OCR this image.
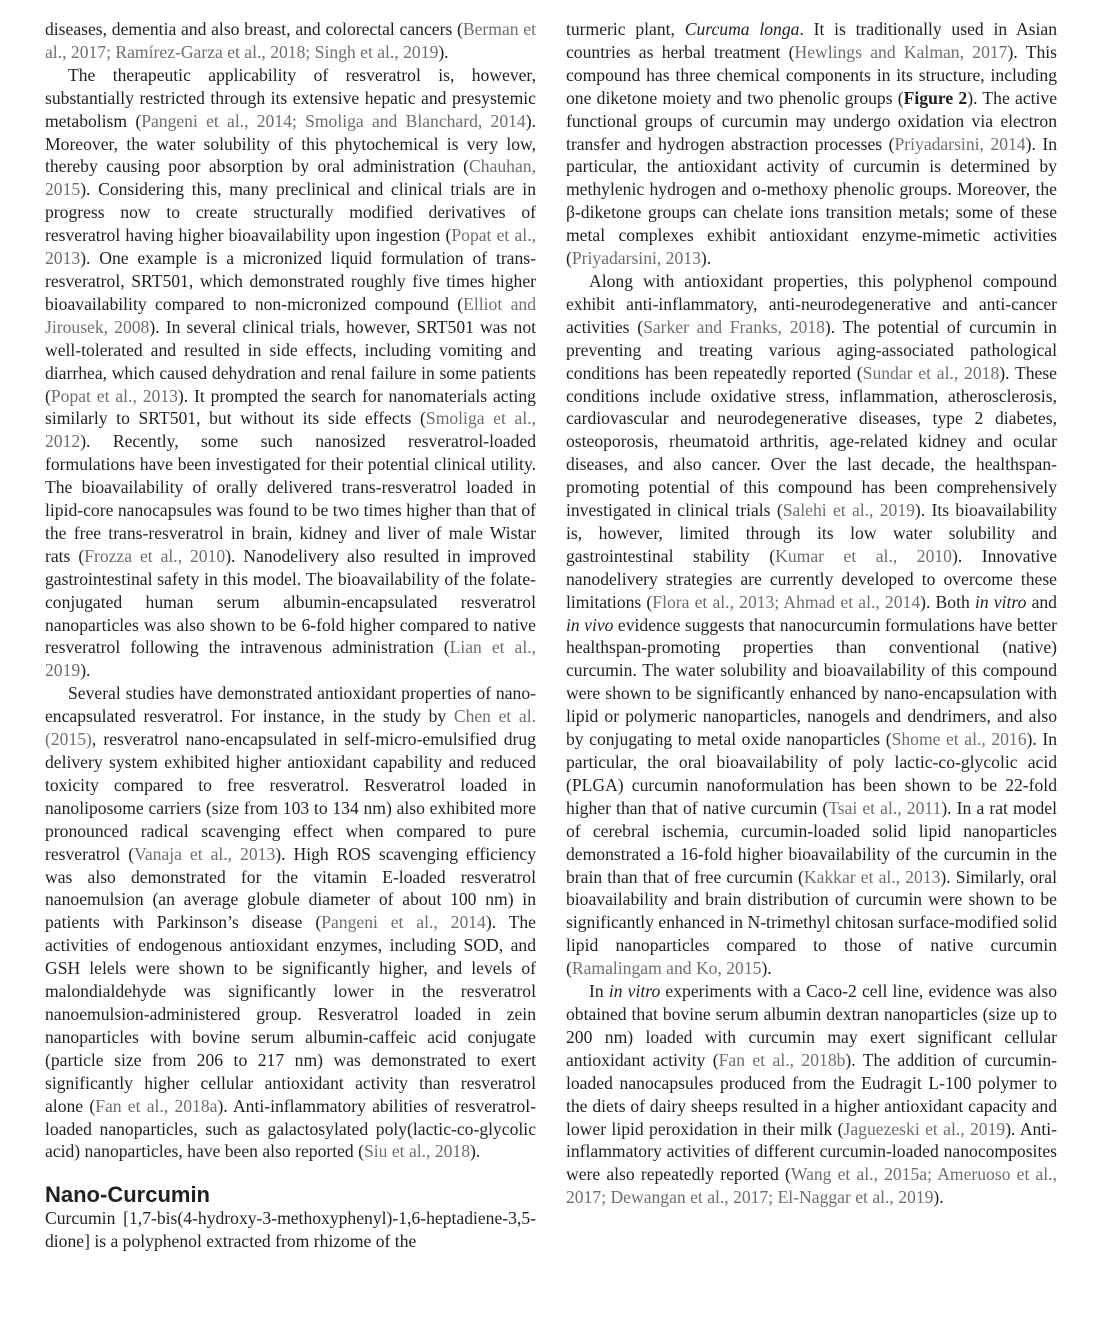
diseases, dementia and also breast, and colorectal cancers (Berman et al., 2017; Ramírez-Garza et al., 2018; Singh et al., 2019).

The therapeutic applicability of resveratrol is, however, substantially restricted through its extensive hepatic and presystemic metabolism (Pangeni et al., 2014; Smoliga and Blanchard, 2014). Moreover, the water solubility of this phytochemical is very low, thereby causing poor absorption by oral administration (Chauhan, 2015). Considering this, many preclinical and clinical trials are in progress now to create structurally modified derivatives of resveratrol having higher bioavailability upon ingestion (Popat et al., 2013). One example is a micronized liquid formulation of trans-resveratrol, SRT501, which demonstrated roughly five times higher bioavailability compared to non-micronized compound (Elliot and Jirousek, 2008). In several clinical trials, however, SRT501 was not well-tolerated and resulted in side effects, including vomiting and diarrhea, which caused dehydration and renal failure in some patients (Popat et al., 2013). It prompted the search for nanomaterials acting similarly to SRT501, but without its side effects (Smoliga et al., 2012). Recently, some such nanosized resveratrol-loaded formulations have been investigated for their potential clinical utility. The bioavailability of orally delivered trans-resveratrol loaded in lipid-core nanocapsules was found to be two times higher than that of the free trans-resveratrol in brain, kidney and liver of male Wistar rats (Frozza et al., 2010). Nanodelivery also resulted in improved gastrointestinal safety in this model. The bioavailability of the folate-conjugated human serum albumin-encapsulated resveratrol nanoparticles was also shown to be 6-fold higher compared to native resveratrol following the intravenous administration (Lian et al., 2019).

Several studies have demonstrated antioxidant properties of nano-encapsulated resveratrol. For instance, in the study by Chen et al. (2015), resveratrol nano-encapsulated in self-micro-emulsified drug delivery system exhibited higher antioxidant capability and reduced toxicity compared to free resveratrol. Resveratrol loaded in nanoliposome carriers (size from 103 to 134 nm) also exhibited more pronounced radical scavenging effect when compared to pure resveratrol (Vanaja et al., 2013). High ROS scavenging efficiency was also demonstrated for the vitamin E-loaded resveratrol nanoemulsion (an average globule diameter of about 100 nm) in patients with Parkinson’s disease (Pangeni et al., 2014). The activities of endogenous antioxidant enzymes, including SOD, and GSH lelels were shown to be significantly higher, and levels of malondialdehyde was significantly lower in the resveratrol nanoemulsion-administered group. Resveratrol loaded in zein nanoparticles with bovine serum albumin-caffeic acid conjugate (particle size from 206 to 217 nm) was demonstrated to exert significantly higher cellular antioxidant activity than resveratrol alone (Fan et al., 2018a). Anti-inflammatory abilities of resveratrol-loaded nanoparticles, such as galactosylated poly(lactic-co-glycolic acid) nanoparticles, have been also reported (Siu et al., 2018).

Nano-Curcumin

Curcumin [1,7-bis(4-hydroxy-3-methoxyphenyl)-1,6-heptadiene-3,5-dione] is a polyphenol extracted from rhizome of the

turmeric plant, Curcuma longa. It is traditionally used in Asian countries as herbal treatment (Hewlings and Kalman, 2017). This compound has three chemical components in its structure, including one diketone moiety and two phenolic groups (Figure 2). The active functional groups of curcumin may undergo oxidation via electron transfer and hydrogen abstraction processes (Priyadarsini, 2014). In particular, the antioxidant activity of curcumin is determined by methylenic hydrogen and o-methoxy phenolic groups. Moreover, the β-diketone groups can chelate ions transition metals; some of these metal complexes exhibit antioxidant enzyme-mimetic activities (Priyadarsini, 2013).

Along with antioxidant properties, this polyphenol compound exhibit anti-inflammatory, anti-neurodegenerative and anti-cancer activities (Sarker and Franks, 2018). The potential of curcumin in preventing and treating various aging-associated pathological conditions has been repeatedly reported (Sundar et al., 2018). These conditions include oxidative stress, inflammation, atherosclerosis, cardiovascular and neurodegenerative diseases, type 2 diabetes, osteoporosis, rheumatoid arthritis, age-related kidney and ocular diseases, and also cancer. Over the last decade, the healthspan-promoting potential of this compound has been comprehensively investigated in clinical trials (Salehi et al., 2019). Its bioavailability is, however, limited through its low water solubility and gastrointestinal stability (Kumar et al., 2010). Innovative nanodelivery strategies are currently developed to overcome these limitations (Flora et al., 2013; Ahmad et al., 2014). Both in vitro and in vivo evidence suggests that nanocurcumin formulations have better healthspan-promoting properties than conventional (native) curcumin. The water solubility and bioavailability of this compound were shown to be significantly enhanced by nano-encapsulation with lipid or polymeric nanoparticles, nanogels and dendrimers, and also by conjugating to metal oxide nanoparticles (Shome et al., 2016). In particular, the oral bioavailability of poly lactic-co-glycolic acid (PLGA) curcumin nanoformulation has been shown to be 22-fold higher than that of native curcumin (Tsai et al., 2011). In a rat model of cerebral ischemia, curcumin-loaded solid lipid nanoparticles demonstrated a 16-fold higher bioavailability of the curcumin in the brain than that of free curcumin (Kakkar et al., 2013). Similarly, oral bioavailability and brain distribution of curcumin were shown to be significantly enhanced in N-trimethyl chitosan surface-modified solid lipid nanoparticles compared to those of native curcumin (Ramalingam and Ko, 2015).

In in vitro experiments with a Caco-2 cell line, evidence was also obtained that bovine serum albumin dextran nanoparticles (size up to 200 nm) loaded with curcumin may exert significant cellular antioxidant activity (Fan et al., 2018b). The addition of curcumin-loaded nanocapsules produced from the Eudragit L-100 polymer to the diets of dairy sheeps resulted in a higher antioxidant capacity and lower lipid peroxidation in their milk (Jaguezeski et al., 2019). Anti-inflammatory activities of different curcumin-loaded nanocomposites were also repeatedly reported (Wang et al., 2015a; Ameruoso et al., 2017; Dewangan et al., 2017; El-Naggar et al., 2019).
